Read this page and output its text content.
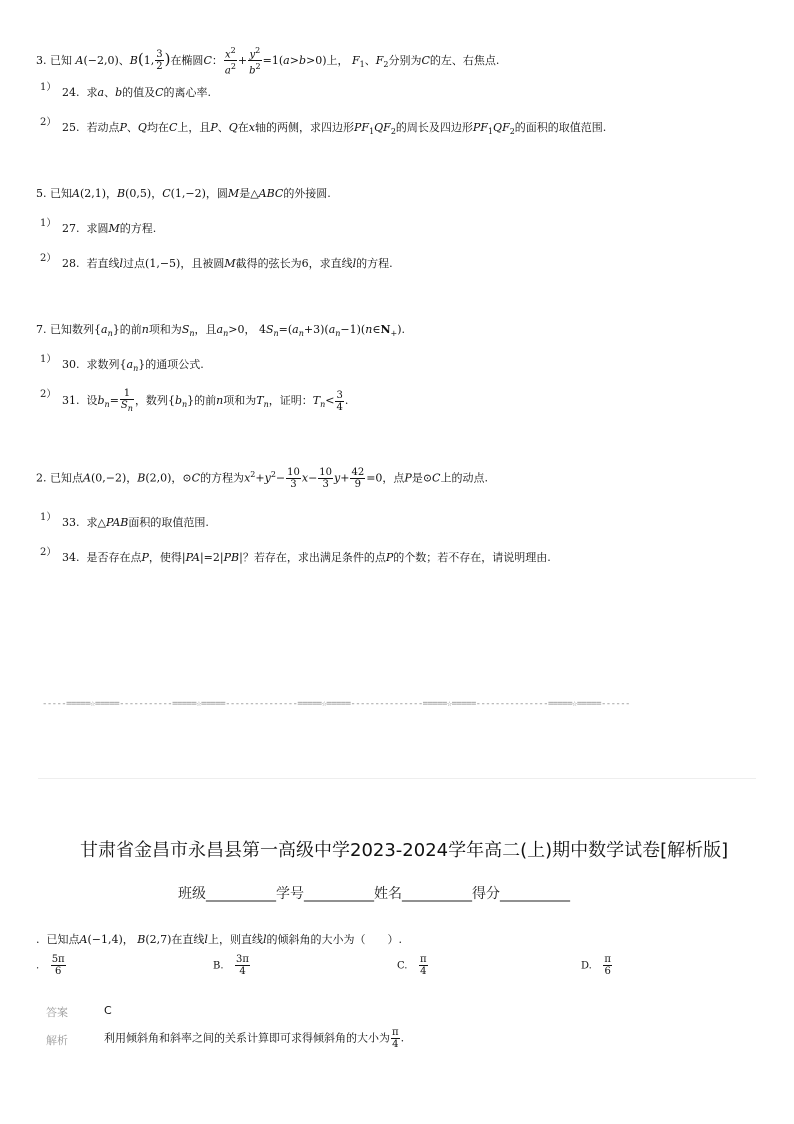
3. 已知 A(−2,0)、B(1, $\frac{3}{2}$ )在椭圆C： $\frac{x^2}{a^2} + \frac{y^2}{b^2} =1(a>b>0)$上， $F_1$、$F_2$分别为C的左、右焦点.
1） 24. 求a、b的值及C的离心率.
2） 25. 若动点P、Q均在C上，且P、Q在x轴的两侧，求四边形$PF_1QF_2$的周长及四边形$PF_1QF_2$的面积的取值范围.
5. 已知A(2,1)，B(0,5)，C(1,−2)，圆M是△ABC的外接圆.
1） 27. 求圆M的方程.
2） 28. 若直线l过点(1,−5)，且被圆M截得的弦长为6，求直线l的方程.
7. 已知数列$\{a_n\}$的前n项和为$S_n$，且$a_n>0$， $4S_n=(a_n+3)(a_n-1)(n\in N_+)$.
1） 30. 求数列$\{a_n\}$的通项公式.
2） 31. 设$b_n= \frac{1}{S_n}$ ，数列$\{b_n\}$的前n项和为$T_n$，证明：$T_n< \frac{3}{4}$ .
2. 已知点A(0,−2)，B(2,0)，⊙C的方程为$x^2+y^2- \frac{10}{3} x- \frac{10}{3} y+ \frac{42}{9} =0$，点P是⊙C上的动点.
1） 33. 求△PAB面积的取值范围.
2） 34. 是否存在点P，使得|PA|=2|PB|？若存在，求出满足条件的点P的个数；若不存在，请说明理由.
-----=====☆=====-----------=====☆=====---------------=====☆=====---------------=====☆=====---------------=====☆=====------
甘肃省金昌市永昌县第一高级中学2023-2024学年高二(上)期中数学试卷[解析版]
班级__________学号__________姓名__________得分__________
. 已知点A(−1,4)， B(2,7)在直线l上，则直线l的倾斜角的大小为（　　）.
. $\frac{5\pi}{6}$	B. $\frac{3\pi}{4}$	C. $\frac{\pi}{4}$	D. $\frac{\pi}{6}$
答案	C
解析	利用倾斜角和斜率之间的关系计算即可求得倾斜角的大小为 $\frac{\pi}{4}$ .
